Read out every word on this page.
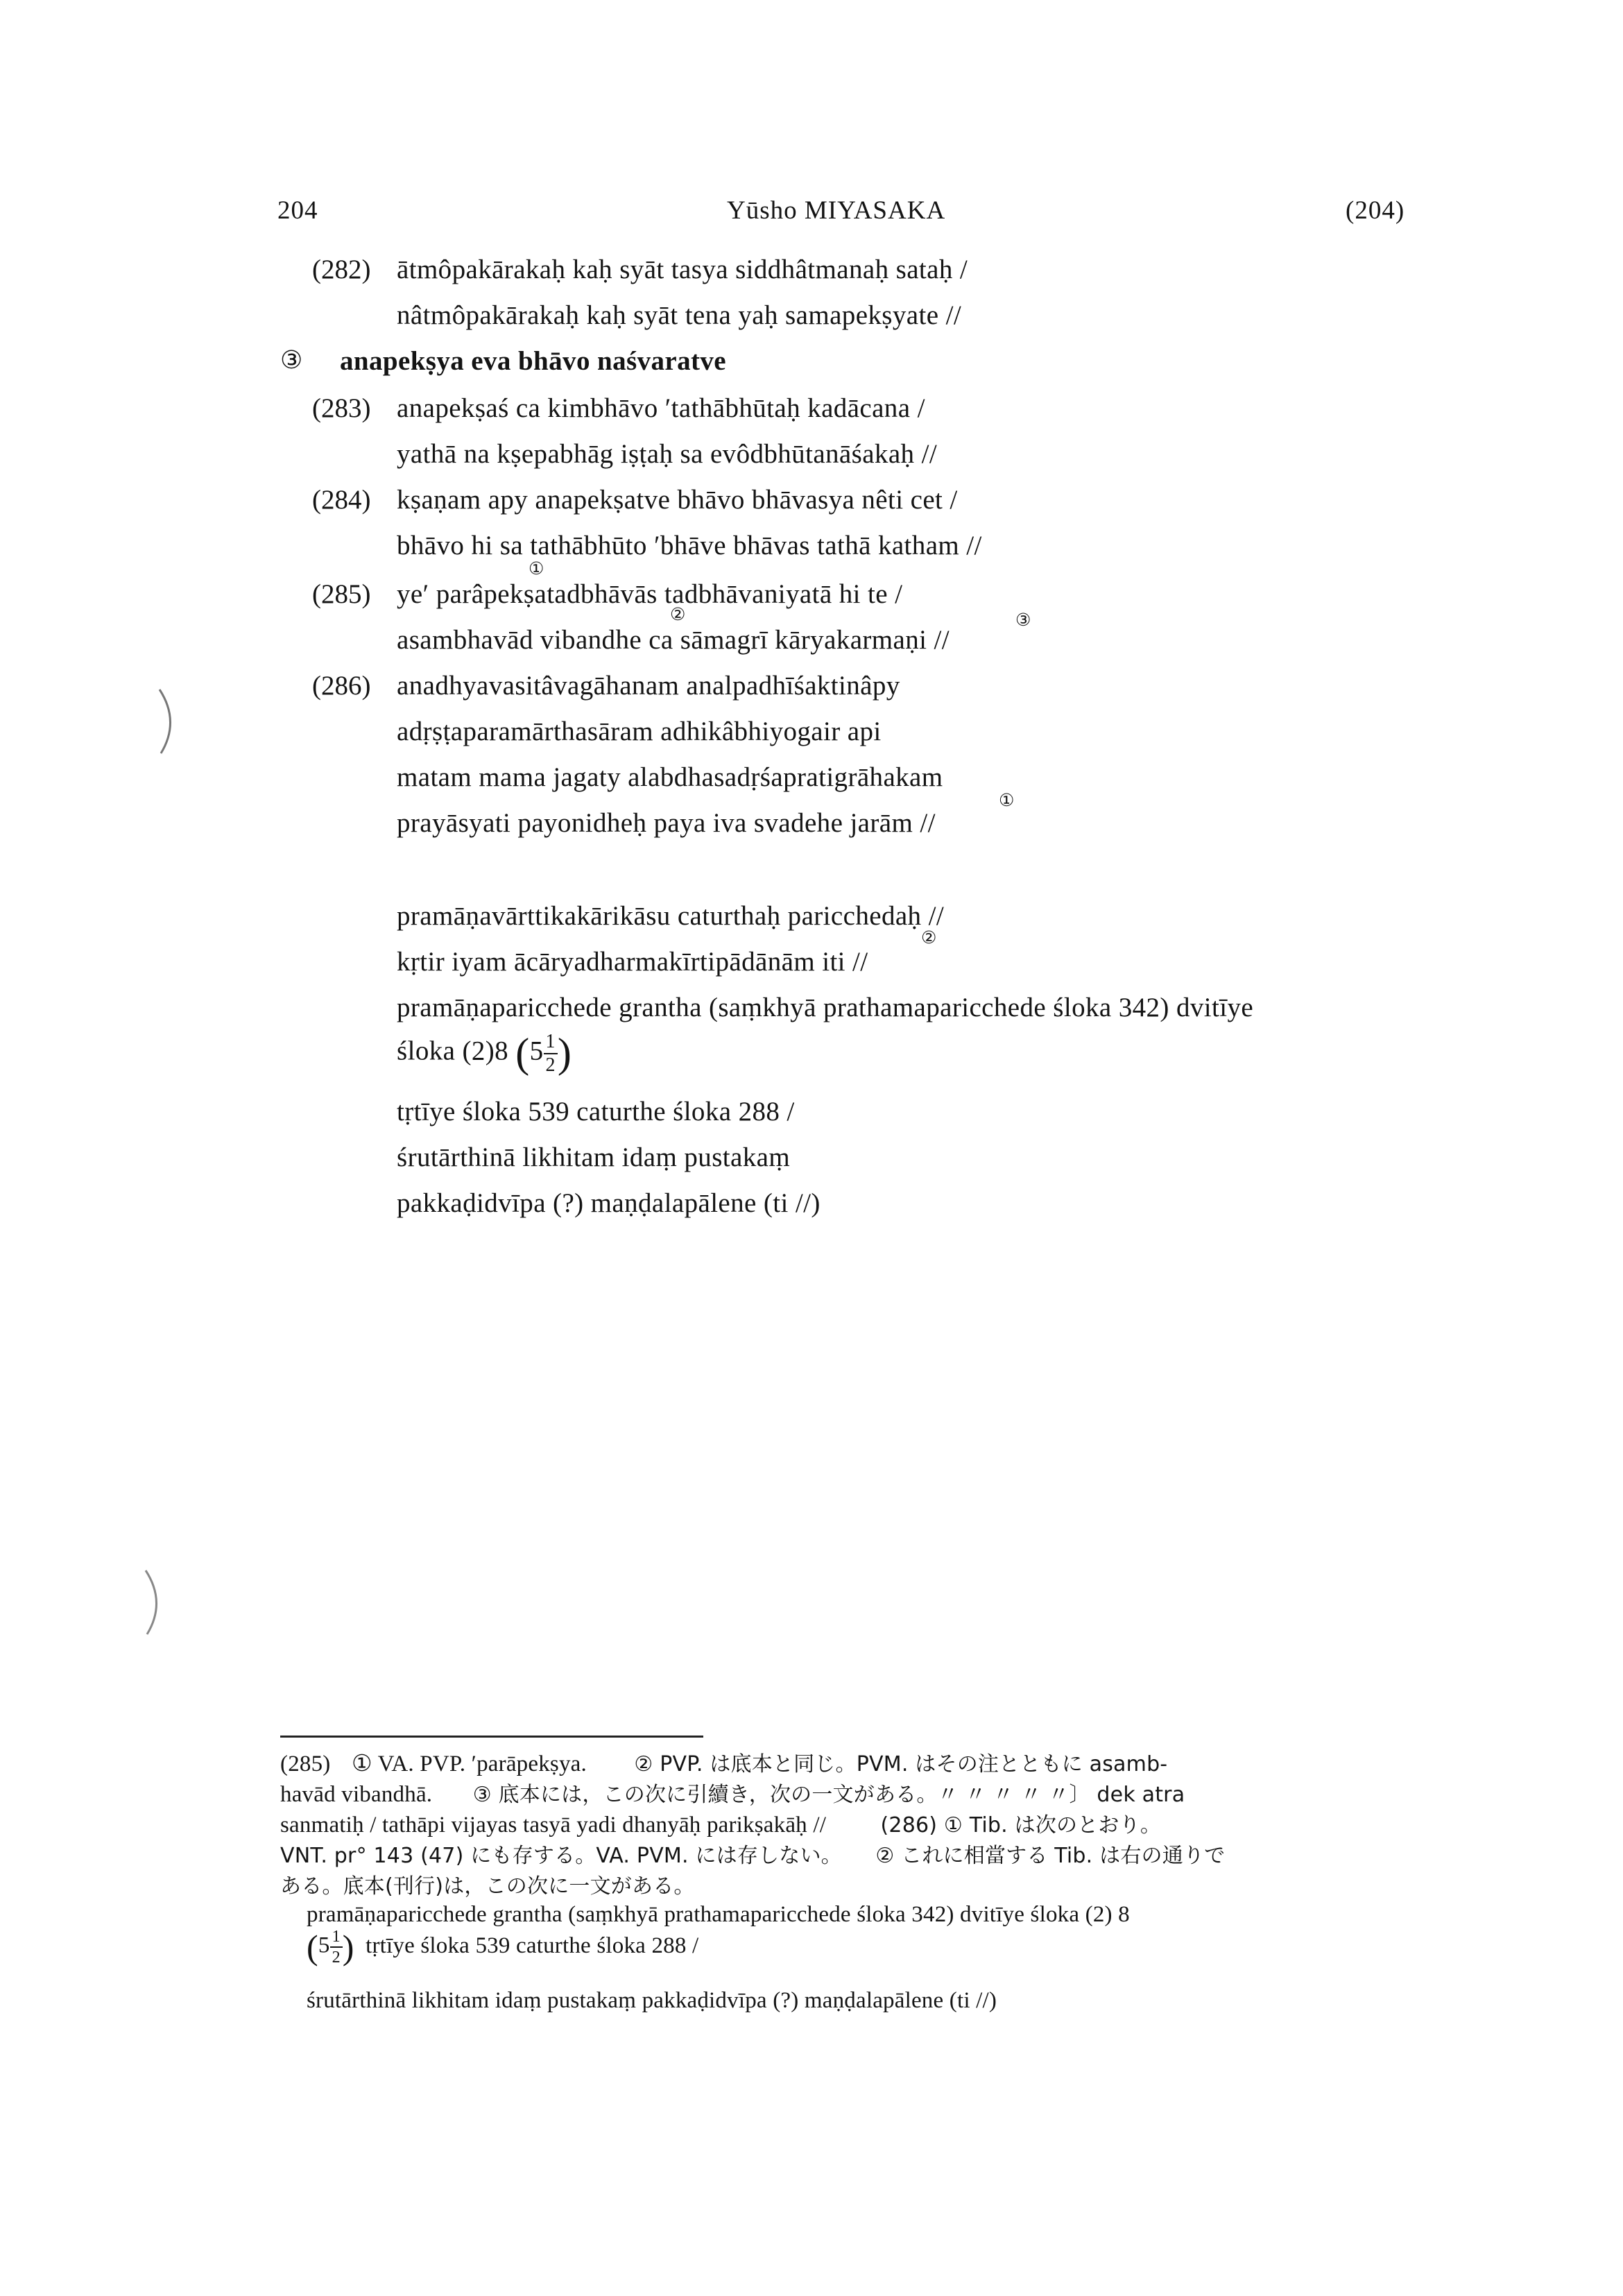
204	Yūsho MIYASAKA	(204)
(282) ātmôpakārakaḥ kaḥ syāt tasya siddhâtmanaḥ sataḥ /
nâtmôpakārakaḥ kaḥ syāt tena yaḥ samapekṣyate //
③ anapekṣya eva bhāvo naśvaratve
(283) anapekṣaś ca kimbhāvo ′tathābhūtaḥ kadācana /
yathā na kṣepabhāg iṣṭaḥ sa evôdbhūtanāśakaḥ //
(284) kṣaṇam apy anapekṣatve bhāvo bhāvasya nêti cet /
bhāvo hi sa tathābhūto ′bhāve bhāvas tathā katham //
①
(285) ye′ parâpekṣatadbhāvās tadbhāvaniyatā hi te /
②	③
asambhavād vibandhe ca sāmagrī kāryakarmaṇi //
(286) anadhyavasitâvagāhanam analpadhīśaktinâpy
adṛṣṭaparamārthasāram adhikâbhiyogair api
matam mama jagaty alabdhasadṛśapratigrāhakam
①
prayāsyati payonidheḥ paya iva svadehe jarām //
pramāṇavārttikakārikāsu caturthaḥ paricchedaḥ //
②
kṛtir iyam ācāryadharmakīrtipādānām iti //
pramāṇaparicchede grantha (saṃkhyā prathamaparicchede śloka 342) dvitīye
śloka (2)8 ($5 \frac{1}{2}$ )
tṛtīye śloka 539 caturthe śloka 288 /
śrutārthinā likhitam idaṃ pustakaṃ
pakkaḍidvīpa (?) maṇḍalapālene (ti //)
(285) ① VA. PVP. ′parāpekṣya. ② PVP. は底本と同じ。PVM. はその注とともに asamb-
havād vibandhā. ③ 底本には，この次に引續き，次の一文がある。〃 〃 〃 〃 〃〕 dek atra
sanmatiḥ / tathāpi vijayas tasyā yadi dhanyāḥ parikṣakāḥ //	(286) ① Tib. は次のとおり。
VNT. pr° 143 (47) にも存する。VA. PVM. には存しない。 ② これに相當する Tib. は右の通りで
ある。底本(刊行)は，この次に一文がある。
pramāṇaparicchede grantha (saṃkhyā prathamaparicchede śloka 342) dvitīye śloka (2) 8
($5 \frac{1}{2}$ ) tṛtīye śloka 539 caturthe śloka 288 /
śrutārthinā likhitam idaṃ pustakaṃ pakkaḍidvīpa (?) maṇḍalapālene (ti //)
